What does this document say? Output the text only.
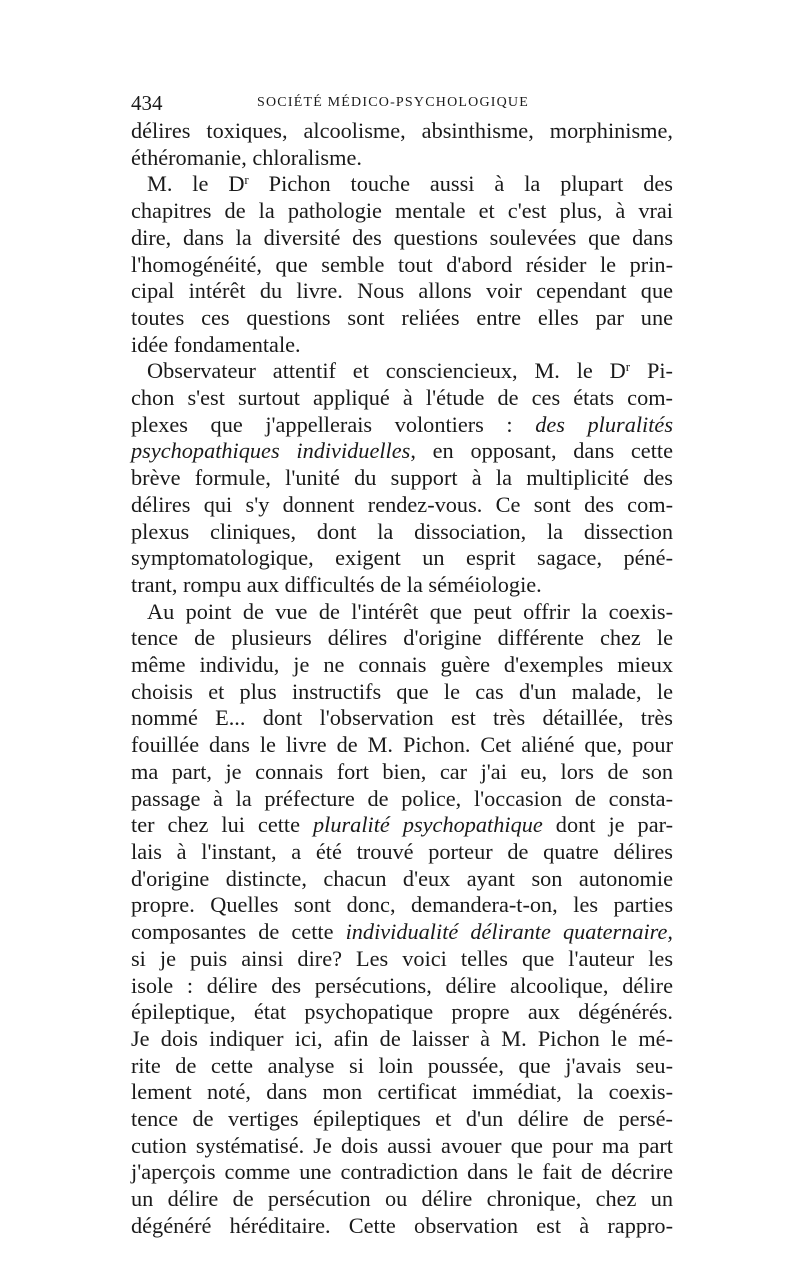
434	SOCIÉTÉ MÉDICO-PSYCHOLOGIQUE
délires toxiques, alcoolisme, absinthisme, morphinisme,
éthéromanie, chloralisme.
M. le $D^r$ Pichon touche aussi à la plupart des
chapitres de la pathologie mentale et c'est plus, à vrai
dire, dans la diversité des questions soulevées que dans
l'homogénéité, que semble tout d'abord résider le prin-
cipal intérêt du livre. Nous allons voir cependant que
toutes ces questions sont reliées entre elles par une
idée fondamentale.
Observateur attentif et consciencieux, M. le $D^r$ Pi-
chon s'est surtout appliqué à l'étude de ces états com-
plexes que j'appellerais volontiers : des pluralités
psychopathiques individuelles, en opposant, dans cette
brève formule, l'unité du support à la multiplicité des
délires qui s'y donnent rendez-vous. Ce sont des com-
plexus cliniques, dont la dissociation, la dissection
symptomatologique, exigent un esprit sagace, péné-
trant, rompu aux difficultés de la séméiologie.
Au point de vue de l'intérêt que peut offrir la coexis-
tence de plusieurs délires d'origine différente chez le
même individu, je ne connais guère d'exemples mieux
choisis et plus instructifs que le cas d'un malade, le
nommé E... dont l'observation est très détaillée, très
fouillée dans le livre de M. Pichon. Cet aliéné que, pour
ma part, je connais fort bien, car j'ai eu, lors de son
passage à la préfecture de police, l'occasion de consta-
ter chez lui cette pluralité psychopathique dont je par-
lais à l'instant, a été trouvé porteur de quatre délires
d'origine distincte, chacun d'eux ayant son autonomie
propre. Quelles sont donc, demandera-t-on, les parties
composantes de cette individualité délirante quaternaire,
si je puis ainsi dire? Les voici telles que l'auteur les
isole : délire des persécutions, délire alcoolique, délire
épileptique, état psychopatique propre aux dégénérés.
Je dois indiquer ici, afin de laisser à M. Pichon le mé-
rite de cette analyse si loin poussée, que j'avais seu-
lement noté, dans mon certificat immédiat, la coexis-
tence de vertiges épileptiques et d'un délire de persé-
cution systématisé. Je dois aussi avouer que pour ma part
j'aperçois comme une contradiction dans le fait de décrire
un délire de persécution ou délire chronique, chez un
dégénéré héréditaire. Cette observation est à rappro-
